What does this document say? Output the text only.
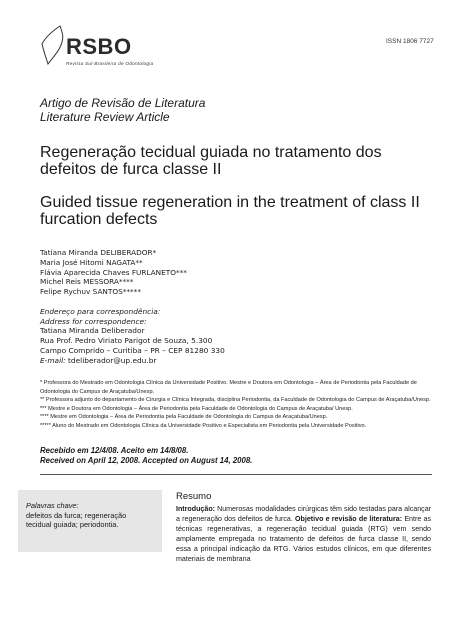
RSBO
Revista Sul-Brasileira de Odontologia
ISSN 1806 7727
Artigo de Revisão de Literatura
Literature Review Article
Regeneração tecidual guiada no tratamento dos defeitos de furca classe II
Guided tissue regeneration in the treatment of class II furcation defects
Tatiana Miranda DELIBERADOR*
Maria José Hitomi NAGATA**
Flávia Aparecida Chaves FURLANETO***
Michel Reis MESSORA****
Felipe Rychuv SANTOS*****
Endereço para correspondência:
Address for correspondence:
Tatiana Miranda Deliberador
Rua Prof. Pedro Viriato Parigot de Souza, 5.300
Campo Comprido – Curitiba – PR – CEP 81280 330
E-mail: tdeliberador@up.edu.br
* Professora do Mestrado em Odontologia Clínica da Universidade Positivo. Mestre e Doutora em Odontologia – Área de Periodontia pela Faculdade de Odontologia do Campus de Araçatuba/Unesp.
** Professora adjunto do departamento de Cirurgia e Clínica Integrada, disciplina Periodontia, da Faculdade de Odontologia do Campus de Araçatuba/Unesp.
*** Mestre e Doutora em Odontologia – Área de Periodontia pela Faculdade de Odontologia do Campus de Araçatuba/ Unesp.
**** Mestre em Odontologia – Área de Periodontia pela Faculdade de Odontologia do Campus de Araçatuba/Unesp.
***** Aluno do Mestrado em Odontologia Clínica da Universidade Positivo e Especialista em Periodontia pela Universidade Positivo.
Recebido em 12/4/08. Aceito em 14/8/08.
Received on April 12, 2008. Accepted on August 14, 2008.
Palavras chave:
defeitos da furca; regeneração tecidual guiada; periodontia.
Resumo
Introdução: Numerosas modalidades cirúrgicas têm sido testadas para alcançar a regeneração dos defeitos de furca. Objetivo e revisão de literatura: Entre as técnicas regenerativas, a regeneração tecidual guiada (RTG) vem sendo amplamente empregada no tratamento de defeitos de furca classe II, sendo essa a principal indicação da RTG. Vários estudos clínicos, em que diferentes materiais de membrana
